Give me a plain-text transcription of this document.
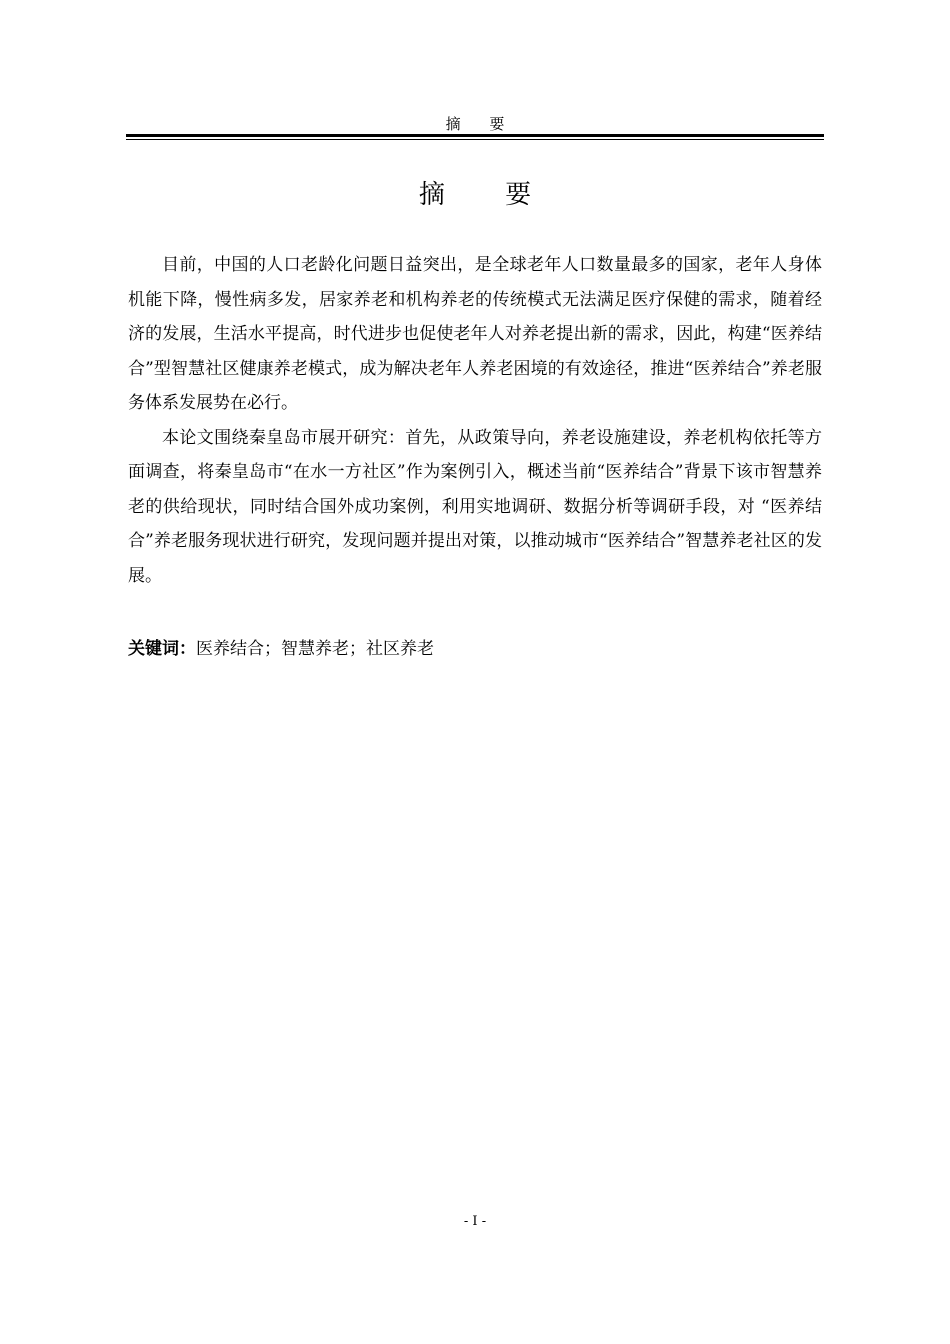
摘 要
摘 要

目前，中国的人口老龄化问题日益突出，是全球老年人口数量最多的国家，老年人身体机能下降，慢性病多发，居家养老和机构养老的传统模式无法满足医疗保健的需求，随着经济的发展，生活水平提高，时代进步也促使老年人对养老提出新的需求，因此，构建“医养结合”型智慧社区健康养老模式，成为解决老年人养老困境的有效途径，推进“医养结合”养老服务体系发展势在必行。

本论文围绕秦皇岛市展开研究：首先，从政策导向，养老设施建设，养老机构依托等方面调查，将秦皇岛市“在水一方社区”作为案例引入，概述当前“医养结合”背景下该市智慧养老的供给现状，同时结合国外成功案例，利用实地调研、数据分析等调研手段，对 “医养结合”养老服务现状进行研究，发现问题并提出对策，以推动城市“医养结合”智慧养老社区的发展。

关键词：医养结合；智慧养老；社区养老
- I -
